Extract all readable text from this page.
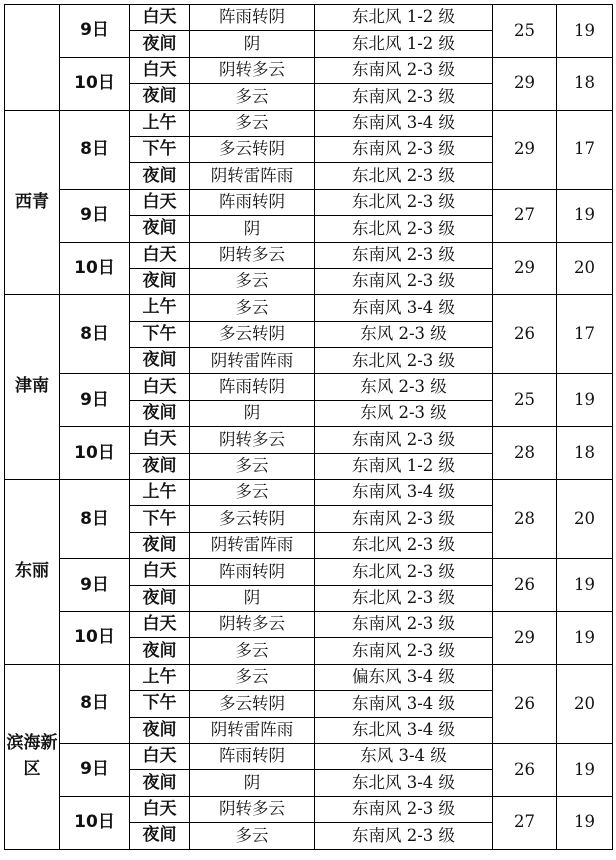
	9日	白天	阵雨转阴	东北风 1-2 级	25	19
		夜间	阴	东北风 1-2 级		
	10日	白天	阴转多云	东南风 2-3 级	29	18
		夜间	多云	东南风 2-3 级		
西青	8日	上午	多云	东南风 3-4 级	29	17
		下午	多云转阴	东南风 2-3 级		
		夜间	阴转雷阵雨	东北风 2-3 级		
	9日	白天	阵雨转阴	东北风 2-3 级	27	19
		夜间	阴	东北风 2-3 级		
	10日	白天	阴转多云	东南风 2-3 级	29	20
		夜间	多云	东南风 2-3 级		
津南	8日	上午	多云	东南风 3-4 级	26	17
		下午	多云转阴	东风 2-3 级		
		夜间	阴转雷阵雨	东北风 2-3 级		
	9日	白天	阵雨转阴	东风 2-3 级	25	19
		夜间	阴	东风 2-3 级		
	10日	白天	阴转多云	东南风 2-3 级	28	18
		夜间	多云	东南风 1-2 级		
东丽	8日	上午	多云	东南风 3-4 级	28	20
		下午	多云转阴	东南风 2-3 级		
		夜间	阴转雷阵雨	东北风 2-3 级		
	9日	白天	阵雨转阴	东北风 2-3 级	26	19
		夜间	阴	东北风 2-3 级		
	10日	白天	阴转多云	东南风 2-3 级	29	19
		夜间	多云	东南风 2-3 级		
滨海新区	8日	上午	多云	偏东风 3-4 级	26	20
		下午	多云转阴	东南风 3-4 级		
		夜间	阴转雷阵雨	东北风 3-4 级		
	9日	白天	阵雨转阴	东风 3-4 级	26	19
		夜间	阴	东北风 3-4 级		
	10日	白天	阴转多云	东南风 2-3 级	27	19
		夜间	多云	东南风 2-3 级		
